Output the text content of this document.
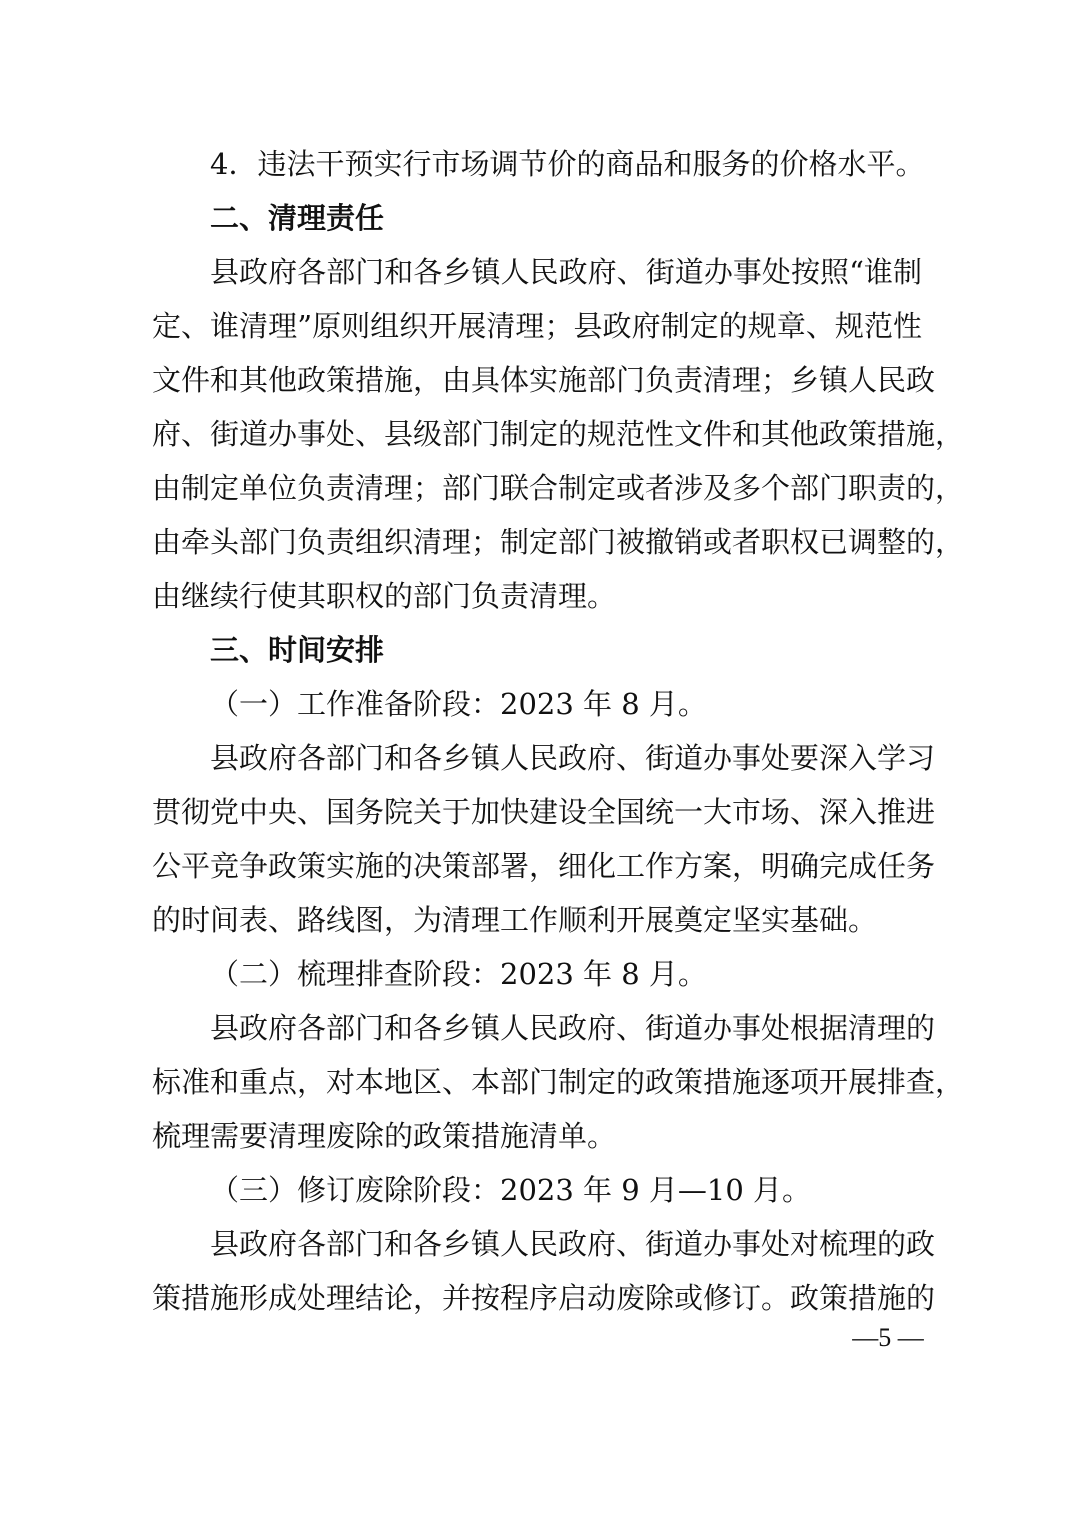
4．违法干预实行市场调节价的商品和服务的价格水平。
二、清理责任
县政府各部门和各乡镇人民政府、街道办事处按照“谁制
定、谁清理”原则组织开展清理；县政府制定的规章、规范性
文件和其他政策措施，由具体实施部门负责清理；乡镇人民政
府、街道办事处、县级部门制定的规范性文件和其他政策措施，
由制定单位负责清理；部门联合制定或者涉及多个部门职责的，
由牵头部门负责组织清理；制定部门被撤销或者职权已调整的，
由继续行使其职权的部门负责清理。
三、时间安排
（一）工作准备阶段：2023 年 8 月。
县政府各部门和各乡镇人民政府、街道办事处要深入学习
贯彻党中央、国务院关于加快建设全国统一大市场、深入推进
公平竞争政策实施的决策部署，细化工作方案，明确完成任务
的时间表、路线图，为清理工作顺利开展奠定坚实基础。
（二）梳理排查阶段：2023 年 8 月。
县政府各部门和各乡镇人民政府、街道办事处根据清理的
标准和重点，对本地区、本部门制定的政策措施逐项开展排查，
梳理需要清理废除的政策措施清单。
（三）修订废除阶段：2023 年 9 月—10 月。
县政府各部门和各乡镇人民政府、街道办事处对梳理的政
策措施形成处理结论，并按程序启动废除或修订。政策措施的
—5 —
